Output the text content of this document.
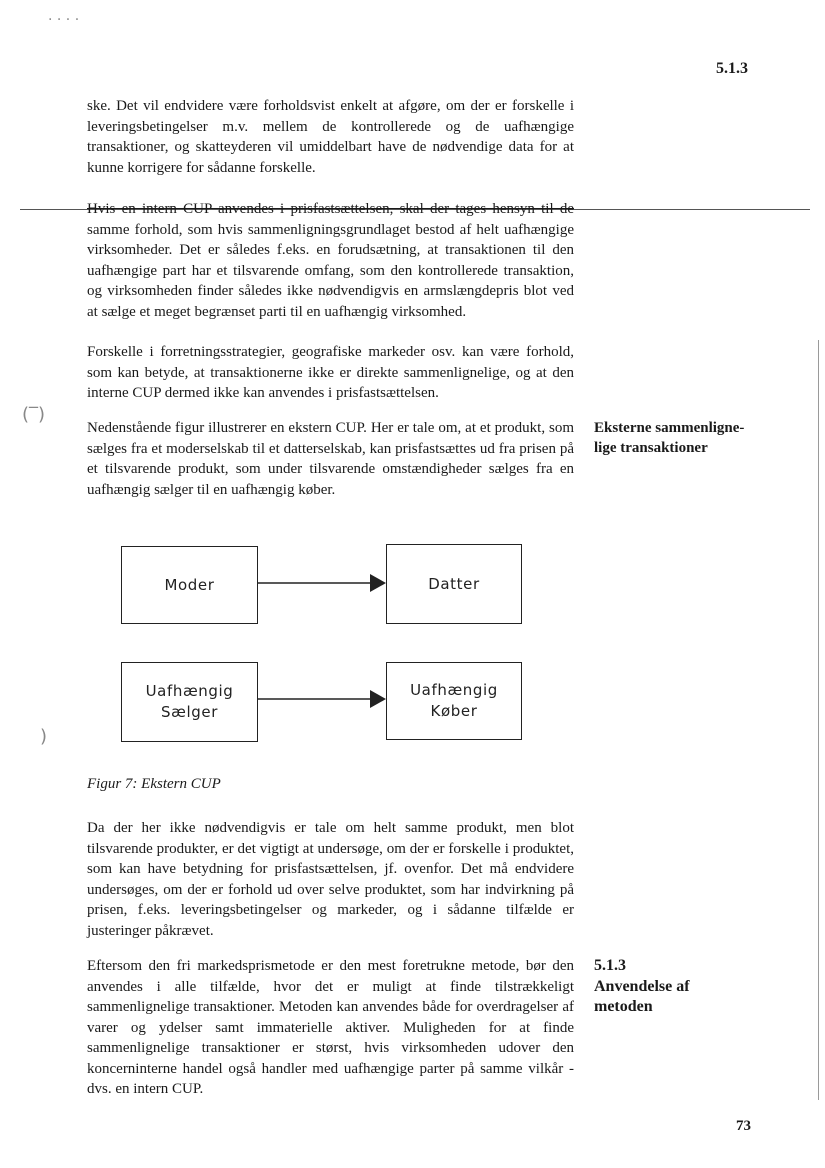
· · · ·
(‾)
)
5.1.3

ske. Det vil endvidere være forholdsvist enkelt at afgøre, om der er forskelle i leveringsbetingelser m.v. mellem de kontrollerede og de uafhængige transaktioner, og skatteyderen vil umiddelbart have de nødvendige data for at kunne korrigere for sådanne forskelle.

Hvis en intern CUP anvendes i prisfastsættelsen, skal der tages hensyn til de samme forhold, som hvis sammenligningsgrundlaget bestod af helt uafhængige virksomheder. Det er således f.eks. en forudsætning, at transaktionen til den uafhængige part har et tilsvarende omfang, som den kontrollerede transaktion, og virksomheden finder således ikke nødvendigvis en armslængdepris blot ved at sælge et meget begrænset parti til en uafhængig virksomhed.

Forskelle i forretningsstrategier, geografiske markeder osv. kan være forhold, som kan betyde, at transaktionerne ikke er direkte sammenlignelige, og at den interne CUP dermed ikke kan anvendes i prisfastsættelsen.

Nedenstående figur illustrerer en ekstern CUP. Her er tale om, at et produkt, som sælges fra et moderselskab til et datterselskab, kan prisfastsættes ud fra prisen på et tilsvarende produkt, som under tilsvarende omstændigheder sælges fra en uafhængig sælger til en uafhængig køber.

Eksterne sammenligne-
lige transaktioner
Moder	Datter
Uafhængig
Sælger
Uafhængig
Køber
Figur 7: Ekstern CUP

Da der her ikke nødvendigvis er tale om helt samme produkt, men blot tilsvarende produkter, er det vigtigt at undersøge, om der er forskelle i produktet, som kan have betydning for prisfastsættelsen, jf. ovenfor. Det må endvidere undersøges, om der er forhold ud over selve produktet, som har indvirkning på prisen, f.eks. leveringsbetingelser og markeder, og i sådanne tilfælde er justeringer påkrævet.

Eftersom den fri markedsprismetode er den mest foretrukne metode, bør den anvendes i alle tilfælde, hvor det er muligt at finde tilstrækkeligt sammenlignelige transaktioner. Metoden kan anvendes både for overdragelser af varer og ydelser samt immaterielle aktiver. Muligheden for at finde sammenlignelige transaktioner er størst, hvis virksomheden udover den koncerninterne handel også handler med uafhængige parter på samme vilkår - dvs. en intern CUP.

5.1.3
Anvendelse af
metoden
73
